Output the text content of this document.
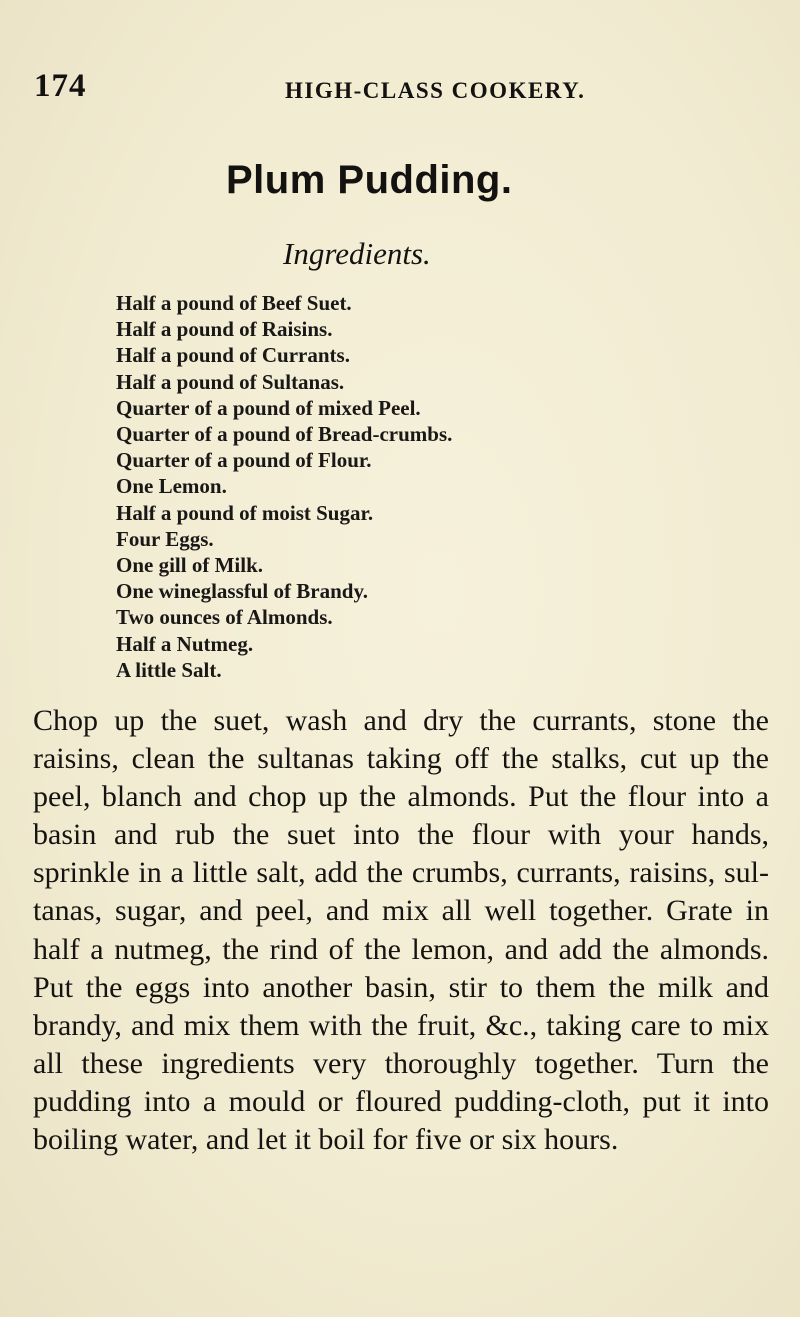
174	HIGH-CLASS COOKERY.
Plum Pudding.
Ingredients.
Half a pound of Beef Suet.
Half a pound of Raisins.
Half a pound of Currants.
Half a pound of Sultanas.
Quarter of a pound of mixed Peel.
Quarter of a pound of Bread-crumbs.
Quarter of a pound of Flour.
One Lemon.
Half a pound of moist Sugar.
Four Eggs.
One gill of Milk.
One wineglassful of Brandy.
Two ounces of Almonds.
Half a Nutmeg.
A little Salt.

Chop up the suet, wash and dry the currants, stone the raisins, clean the sultanas taking off the stalks, cut up the peel, blanch and chop up the almonds. Put the flour into a basin and rub the suet into the flour with your hands, sprinkle in a little salt, add the crumbs, currants, raisins, sul-tanas, sugar, and peel, and mix all well together. Grate in half a nutmeg, the rind of the lemon, and add the almonds. Put the eggs into another basin, stir to them the milk and brandy, and mix them with the fruit, &c., taking care to mix all these ingredients very thoroughly together. Turn the pudding into a mould or floured pudding-cloth, put it into boiling water, and let it boil for five or six hours.
